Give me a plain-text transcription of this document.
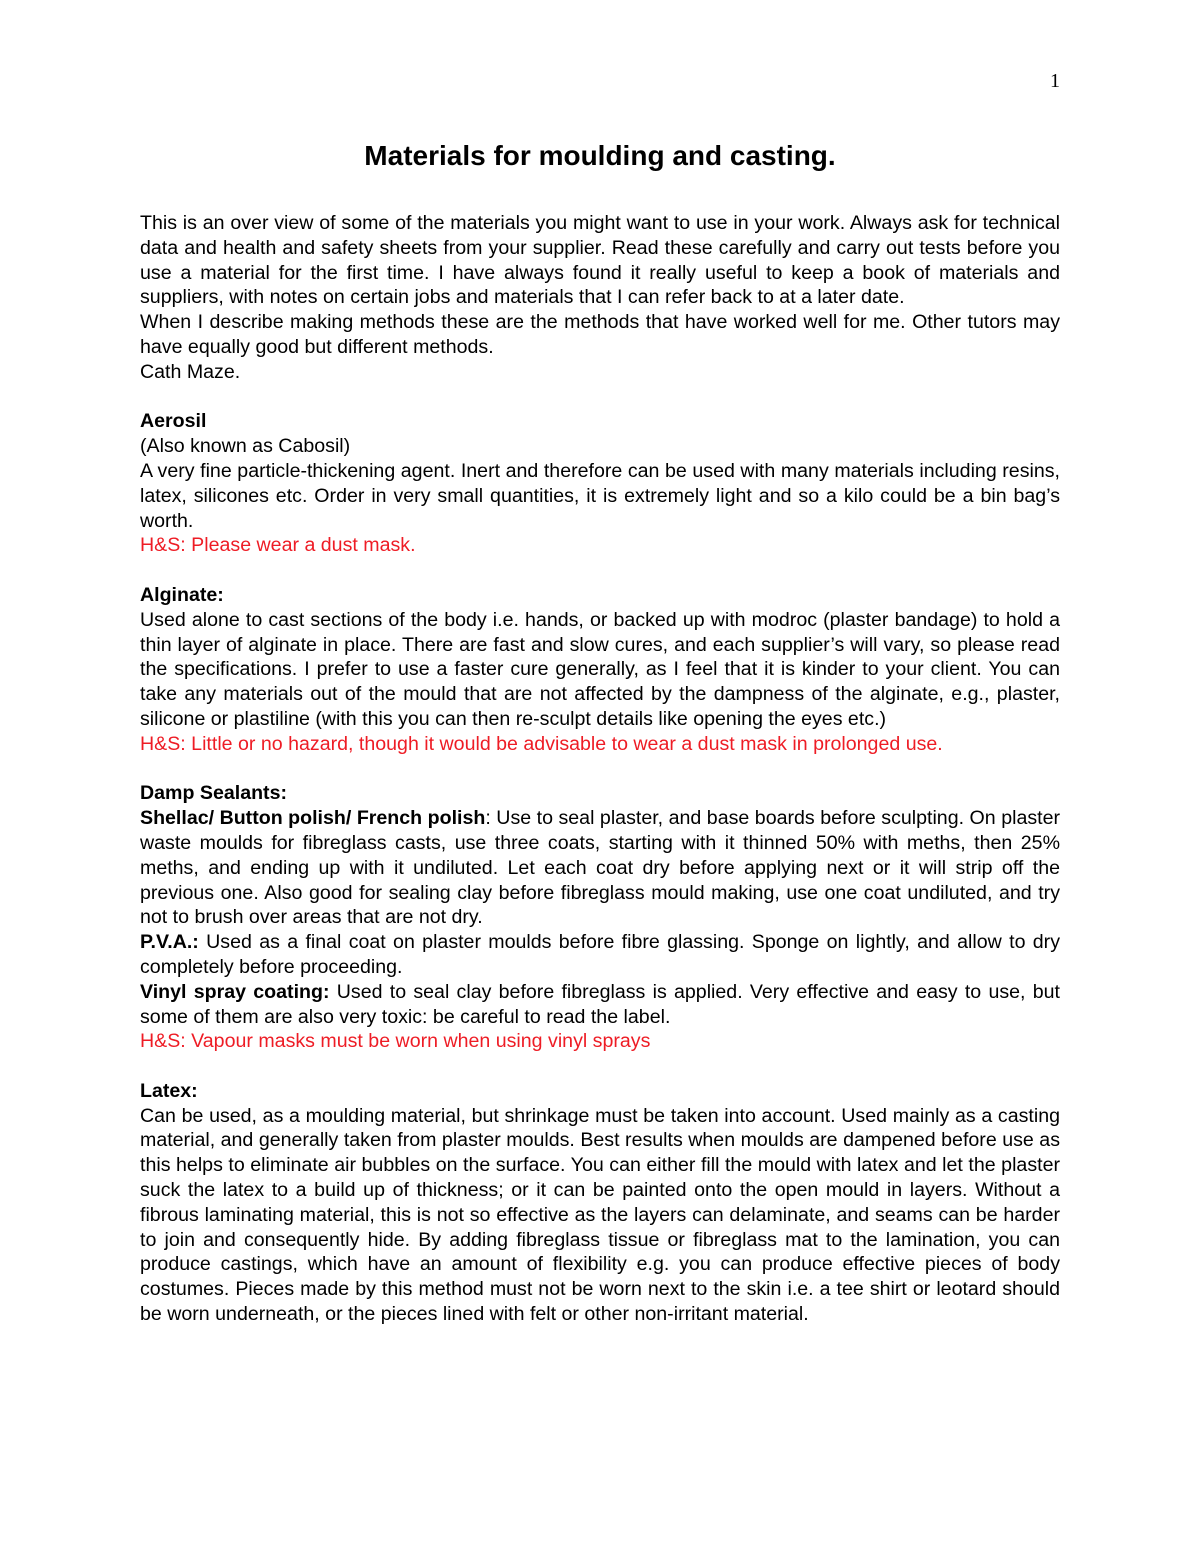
1
Materials for moulding and casting.

This is an over view of some of the materials you might want to use in your work. Always ask for technical data and health and safety sheets from your supplier. Read these carefully and carry out tests before you use a material for the first time. I have always found it really useful to keep a book of materials and suppliers, with notes on certain jobs and materials that I can refer back to at a later date.

When I describe making methods these are the methods that have worked well for me. Other tutors may have equally good but different methods.

Cath Maze.

Aerosil

(Also known as Cabosil)

A very fine particle-thickening agent. Inert and therefore can be used with many materials including resins, latex, silicones etc. Order in very small quantities, it is extremely light and so a kilo could be a bin bag’s worth.

H&S: Please wear a dust mask.

Alginate:

Used alone to cast sections of the body i.e. hands, or backed up with modroc (plaster bandage) to hold a thin layer of alginate in place. There are fast and slow cures, and each supplier’s will vary, so please read the specifications. I prefer to use a faster cure generally, as I feel that it is kinder to your client. You can take any materials out of the mould that are not affected by the dampness of the alginate, e.g., plaster, silicone or plastiline (with this you can then re-sculpt details like opening the eyes etc.)

H&S: Little or no hazard, though it would be advisable to wear a dust mask in prolonged use.

Damp Sealants:

Shellac/ Button polish/ French polish: Use to seal plaster, and base boards before sculpting. On plaster waste moulds for fibreglass casts, use three coats, starting with it thinned 50% with meths, then 25% meths, and ending up with it undiluted. Let each coat dry before applying next or it will strip off the previous one. Also good for sealing clay before fibreglass mould making, use one coat undiluted, and try not to brush over areas that are not dry.

P.V.A.: Used as a final coat on plaster moulds before fibre glassing. Sponge on lightly, and allow to dry completely before proceeding.

Vinyl spray coating: Used to seal clay before fibreglass is applied. Very effective and easy to use, but some of them are also very toxic: be careful to read the label.

H&S: Vapour masks must be worn when using vinyl sprays

Latex:

Can be used, as a moulding material, but shrinkage must be taken into account. Used mainly as a casting material, and generally taken from plaster moulds. Best results when moulds are dampened before use as this helps to eliminate air bubbles on the surface. You can either fill the mould with latex and let the plaster suck the latex to a build up of thickness; or it can be painted onto the open mould in layers. Without a fibrous laminating material, this is not so effective as the layers can delaminate, and seams can be harder to join and consequently hide. By adding fibreglass tissue or fibreglass mat to the lamination, you can produce castings, which have an amount of flexibility e.g. you can produce effective pieces of body costumes. Pieces made by this method must not be worn next to the skin i.e. a tee shirt or leotard should be worn underneath, or the pieces lined with felt or other non-irritant material.
